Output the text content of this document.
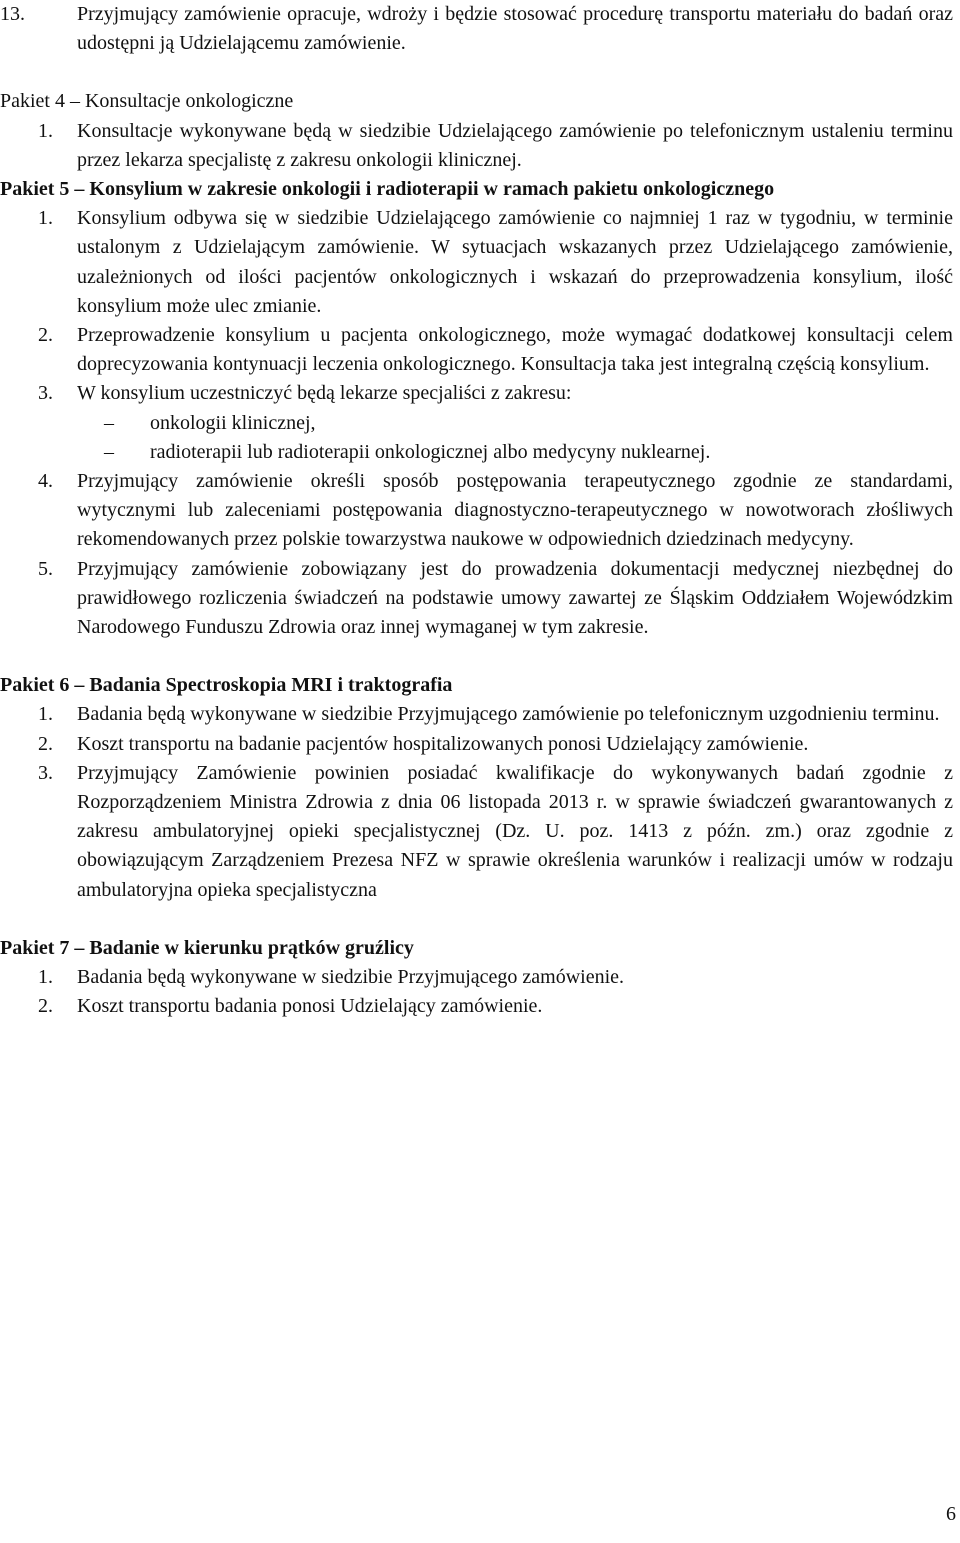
13.	Przyjmujący zamówienie opracuje, wdroży i będzie stosować procedurę transportu materiału do badań oraz udostępni ją Udzielającemu zamówienie.
Pakiet 4 – Konsultacje onkologiczne
1. Konsultacje wykonywane będą w siedzibie Udzielającego zamówienie po telefonicznym ustaleniu terminu przez lekarza specjalistę z zakresu onkologii klinicznej.
Pakiet 5 – Konsylium w zakresie onkologii i radioterapii w ramach pakietu onkologicznego
1. Konsylium odbywa się w siedzibie Udzielającego zamówienie co najmniej 1 raz w tygodniu, w terminie ustalonym z Udzielającym zamówienie. W sytuacjach wskazanych przez Udzielającego zamówienie, uzależnionych od ilości pacjentów onkologicznych i wskazań do przeprowadzenia konsylium, ilość konsylium może ulec zmianie.
2. Przeprowadzenie konsylium u pacjenta onkologicznego, może wymagać dodatkowej konsultacji celem doprecyzowania kontynuacji leczenia onkologicznego. Konsultacja taka jest integralną częścią konsylium.
3. W konsylium uczestniczyć będą lekarze specjaliści z zakresu:
– onkologii klinicznej,
– radioterapii lub radioterapii onkologicznej albo medycyny nuklearnej.
4. Przyjmujący zamówienie określi sposób postępowania terapeutycznego zgodnie ze standardami, wytycznymi lub zaleceniami postępowania diagnostyczno-terapeutycznego w nowotworach złośliwych rekomendowanych przez polskie towarzystwa naukowe w odpowiednich dziedzinach medycyny.
5. Przyjmujący zamówienie zobowiązany jest do prowadzenia dokumentacji medycznej niezbędnej do prawidłowego rozliczenia świadczeń na podstawie umowy zawartej ze Śląskim Oddziałem Wojewódzkim Narodowego Funduszu Zdrowia oraz innej wymaganej w tym zakresie.
Pakiet 6 – Badania Spectroskopia MRI i traktografia
1. Badania będą wykonywane w siedzibie Przyjmującego zamówienie po telefonicznym uzgodnieniu terminu.
2. Koszt transportu na badanie pacjentów hospitalizowanych ponosi Udzielający zamówienie.
3. Przyjmujący Zamówienie powinien posiadać kwalifikacje do wykonywanych badań zgodnie z Rozporządzeniem Ministra Zdrowia z dnia 06 listopada 2013 r. w sprawie świadczeń gwarantowanych z zakresu ambulatoryjnej opieki specjalistycznej (Dz. U. poz. 1413 z późn. zm.) oraz zgodnie z obowiązującym Zarządzeniem Prezesa NFZ w sprawie określenia warunków i realizacji umów w rodzaju ambulatoryjna opieka specjalistyczna
Pakiet 7 – Badanie w kierunku prątków gruźlicy
1. Badania będą wykonywane w siedzibie Przyjmującego zamówienie.
2. Koszt transportu badania ponosi Udzielający zamówienie.
6
